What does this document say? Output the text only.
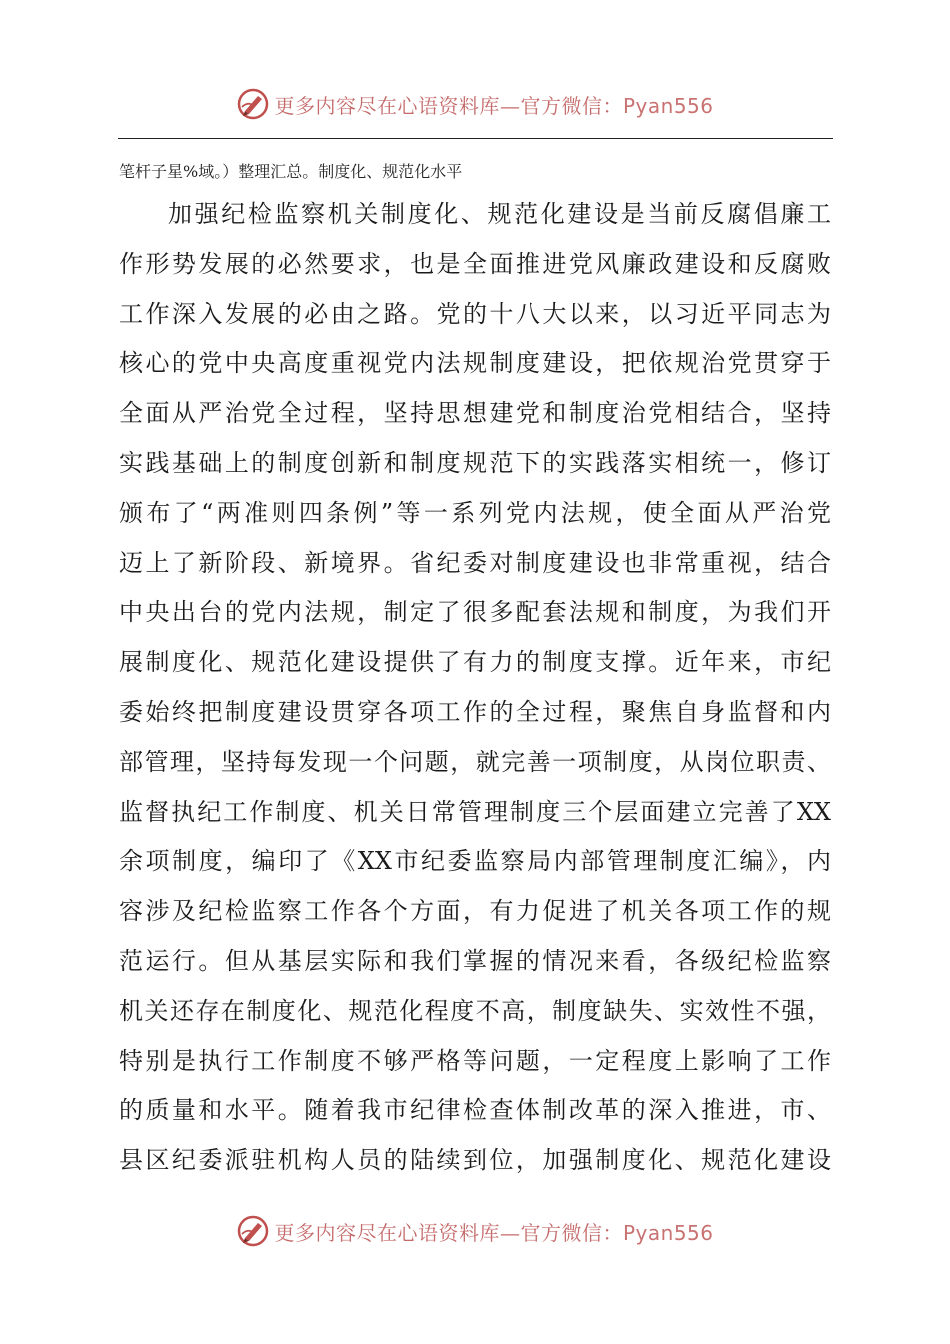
更多内容尽在心语资料库—官方微信：Pyan556
笔杆子星%域。）整理汇总。制度化、规范化水平
加强纪检监察机关制度化、规范化建设是当前反腐倡廉工
作形势发展的必然要求，也是全面推进党风廉政建设和反腐败
工作深入发展的必由之路。党的十八大以来，以习近平同志为
核心的党中央高度重视党内法规制度建设，把依规治党贯穿于
全面从严治党全过程，坚持思想建党和制度治党相结合，坚持
实践基础上的制度创新和制度规范下的实践落实相统一，修订
颁布了“两准则四条例”等一系列党内法规，使全面从严治党
迈上了新阶段、新境界。省纪委对制度建设也非常重视，结合
中央出台的党内法规，制定了很多配套法规和制度，为我们开
展制度化、规范化建设提供了有力的制度支撑。近年来，市纪
委始终把制度建设贯穿各项工作的全过程，聚焦自身监督和内
部管理，坚持每发现一个问题，就完善一项制度，从岗位职责、
监督执纪工作制度、机关日常管理制度三个层面建立完善了XX
余项制度，编印了《XX市纪委监察局内部管理制度汇编》，内
容涉及纪检监察工作各个方面，有力促进了机关各项工作的规
范运行。但从基层实际和我们掌握的情况来看，各级纪检监察
机关还存在制度化、规范化程度不高，制度缺失、实效性不强，
特别是执行工作制度不够严格等问题，一定程度上影响了工作
的质量和水平。随着我市纪律检查体制改革的深入推进，市、
县区纪委派驻机构人员的陆续到位，加强制度化、规范化建设
更多内容尽在心语资料库—官方微信：Pyan556
